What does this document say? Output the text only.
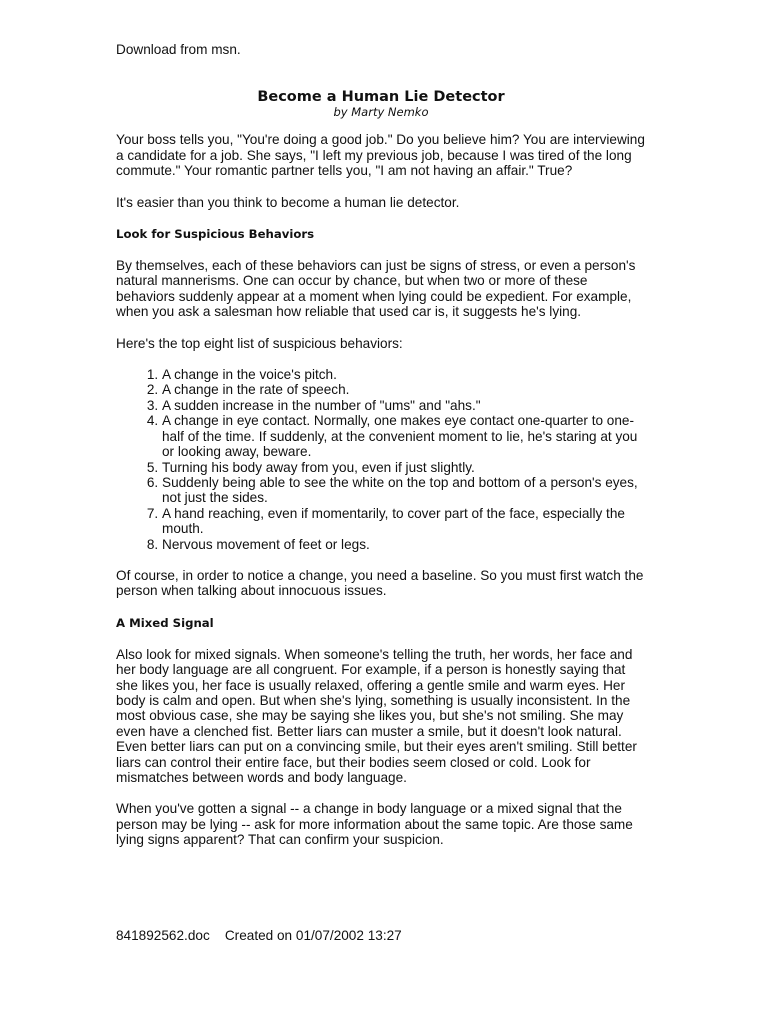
Download from msn.

Become a Human Lie Detector

by Marty Nemko

Your boss tells you, "You're doing a good job." Do you believe him? You are interviewing a candidate for a job. She says, "I left my previous job, because I was tired of the long commute." Your romantic partner tells you, "I am not having an affair." True?

It's easier than you think to become a human lie detector.

Look for Suspicious Behaviors

By themselves, each of these behaviors can just be signs of stress, or even a person's natural mannerisms. One can occur by chance, but when two or more of these behaviors suddenly appear at a moment when lying could be expedient. For example, when you ask a salesman how reliable that used car is, it suggests he's lying.

Here's the top eight list of suspicious behaviors:

1. A change in the voice's pitch.
2. A change in the rate of speech.
3. A sudden increase in the number of "ums" and "ahs."
4. A change in eye contact. Normally, one makes eye contact one-quarter to one-half of the time. If suddenly, at the convenient moment to lie, he's staring at you or looking away, beware.
5. Turning his body away from you, even if just slightly.
6. Suddenly being able to see the white on the top and bottom of a person's eyes, not just the sides.
7. A hand reaching, even if momentarily, to cover part of the face, especially the mouth.
8. Nervous movement of feet or legs.

Of course, in order to notice a change, you need a baseline. So you must first watch the person when talking about innocuous issues.

A Mixed Signal

Also look for mixed signals. When someone's telling the truth, her words, her face and her body language are all congruent. For example, if a person is honestly saying that she likes you, her face is usually relaxed, offering a gentle smile and warm eyes. Her body is calm and open. But when she's lying, something is usually inconsistent. In the most obvious case, she may be saying she likes you, but she's not smiling. She may even have a clenched fist. Better liars can muster a smile, but it doesn't look natural. Even better liars can put on a convincing smile, but their eyes aren't smiling. Still better liars can control their entire face, but their bodies seem closed or cold. Look for mismatches between words and body language.

When you've gotten a signal -- a change in body language or a mixed signal that the person may be lying -- ask for more information about the same topic. Are those same lying signs apparent? That can confirm your suspicion.

841892562.doc Created on 01/07/2002 13:27
